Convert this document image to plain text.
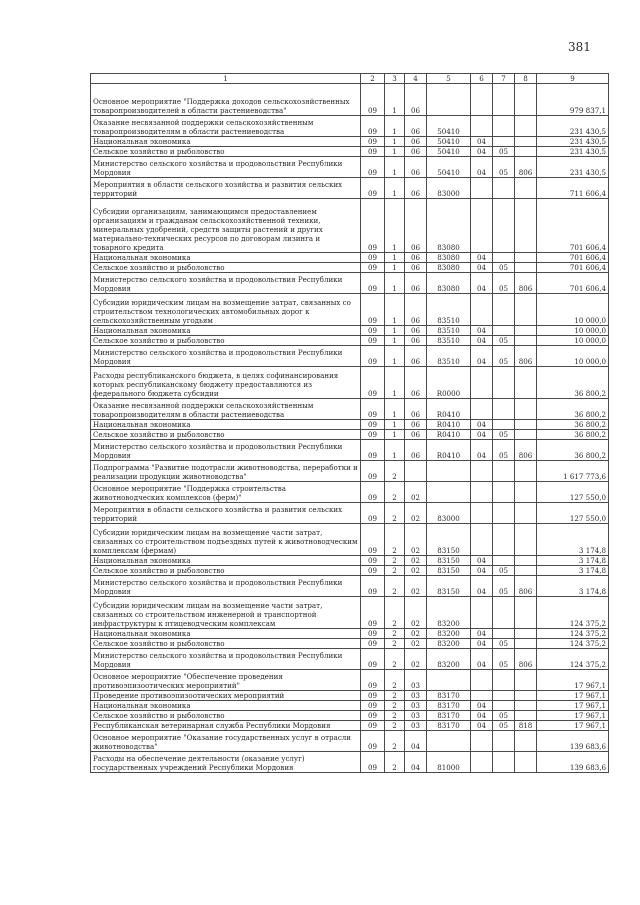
381
1	2	3	4	5	6	7	8	9
Основное мероприятие "Поддержка доходов сельскохозяйственных товаропроизводителей в области растениеводства"	09	1	06					979 837,1
Оказание несвязанной поддержки сельскохозяйственным товаропроизводителям в области растениеводства	09	1	06	50410				231 430,5
Национальная экономика	09	1	06	50410	04			231 430,5
Сельское хозяйство и рыболовство	09	1	06	50410	04	05		231 430,5
Министерство сельского хозяйства и продовольствия Республики Мордовия	09	1	06	50410	04	05	806	231 430,5
Мероприятия в области сельского хозяйства и развития сельских территорий	09	1	06	83000				711 606,4
Субсидии организациям, занимающимся предоставлением организациям и гражданам сельскохозяйственной техники, минеральных удобрений, средств защиты растений и других материально-технических ресурсов по договорам лизинга и товарного кредита	09	1	06	83080				701 606,4
Национальная экономика	09	1	06	83080	04			701 606,4
Сельское хозяйство и рыболовство	09	1	06	83080	04	05		701 606,4
Министерство сельского хозяйства и продовольствия Республики Мордовия	09	1	06	83080	04	05	806	701 606,4
Субсидии юридическим лицам на возмещение затрат, связанных со строительством технологических автомобильных дорог к сельскохозяйственным угодьям	09	1	06	83510				10 000,0
Национальная экономика	09	1	06	83510	04			10 000,0
Сельское хозяйство и рыболовство	09	1	06	83510	04	05		10 000,0
Министерство сельского хозяйства и продовольствия Республики Мордовия	09	1	06	83510	04	05	806	10 000,0
Расходы республиканского бюджета, в целях софинансирования которых республиканскому бюджету предоставляются из федерального бюджета субсидии	09	1	06	R0000				36 800,2
Оказание несвязанной поддержки сельскохозяйственным товаропроизводителям в области растениеводства	09	1	06	R0410				36 800,2
Национальная экономика	09	1	06	R0410	04			36 800,2
Сельское хозяйство и рыболовство	09	1	06	R0410	04	05		36 800,2
Министерство сельского хозяйства и продовольствия Республики Мордовия	09	1	06	R0410	04	05	806	36 800,2
Подпрограмма "Развитие подотрасли животноводства, переработки и реализации продукции животноводства"	09	2						1 617 773,6
Основное мероприятие "Поддержка строительства животноводческих комплексов (ферм)"	09	2	02					127 550,0
Мероприятия в области сельского хозяйства и развития сельских территорий	09	2	02	83000				127 550,0
Субсидии юридическим лицам на возмещение части затрат, связанных со строительством подъездных путей к животноводческим комплексам (фермам)	09	2	02	83150				3 174,8
Национальная экономика	09	2	02	83150	04			3 174,8
Сельское хозяйство и рыболовство	09	2	02	83150	04	05		3 174,8
Министерство сельского хозяйства и продовольствия Республики Мордовия	09	2	02	83150	04	05	806	3 174,8
Субсидии юридическим лицам на возмещение части затрат, связанных со строительством инженерной и транспортной инфраструктуры к птицеводческим комплексам	09	2	02	83200				124 375,2
Национальная экономика	09	2	02	83200	04			124 375,2
Сельское хозяйство и рыболовство	09	2	02	83200	04	05		124 375,2
Министерство сельского хозяйства и продовольствия Республики Мордовия	09	2	02	83200	04	05	806	124 375,2
Основное мероприятие "Обеспечение проведения противоэпизоотических мероприятий"	09	2	03					17 967,1
Проведение противоэпизоотических мероприятий	09	2	03	83170				17 967,1
Национальная экономика	09	2	03	83170	04			17 967,1
Сельское хозяйство и рыболовство	09	2	03	83170	04	05		17 967,1
Республиканская ветеринарная служба Республики Мордовия	09	2	03	83170	04	05	818	17 967,1
Основное мероприятие "Оказание государственных услуг в отрасли животноводства"	09	2	04					139 683,6
Расходы на обеспечение деятельности (оказание услуг) государственных учреждений Республики Мордовия	09	2	04	81000				139 683,6
